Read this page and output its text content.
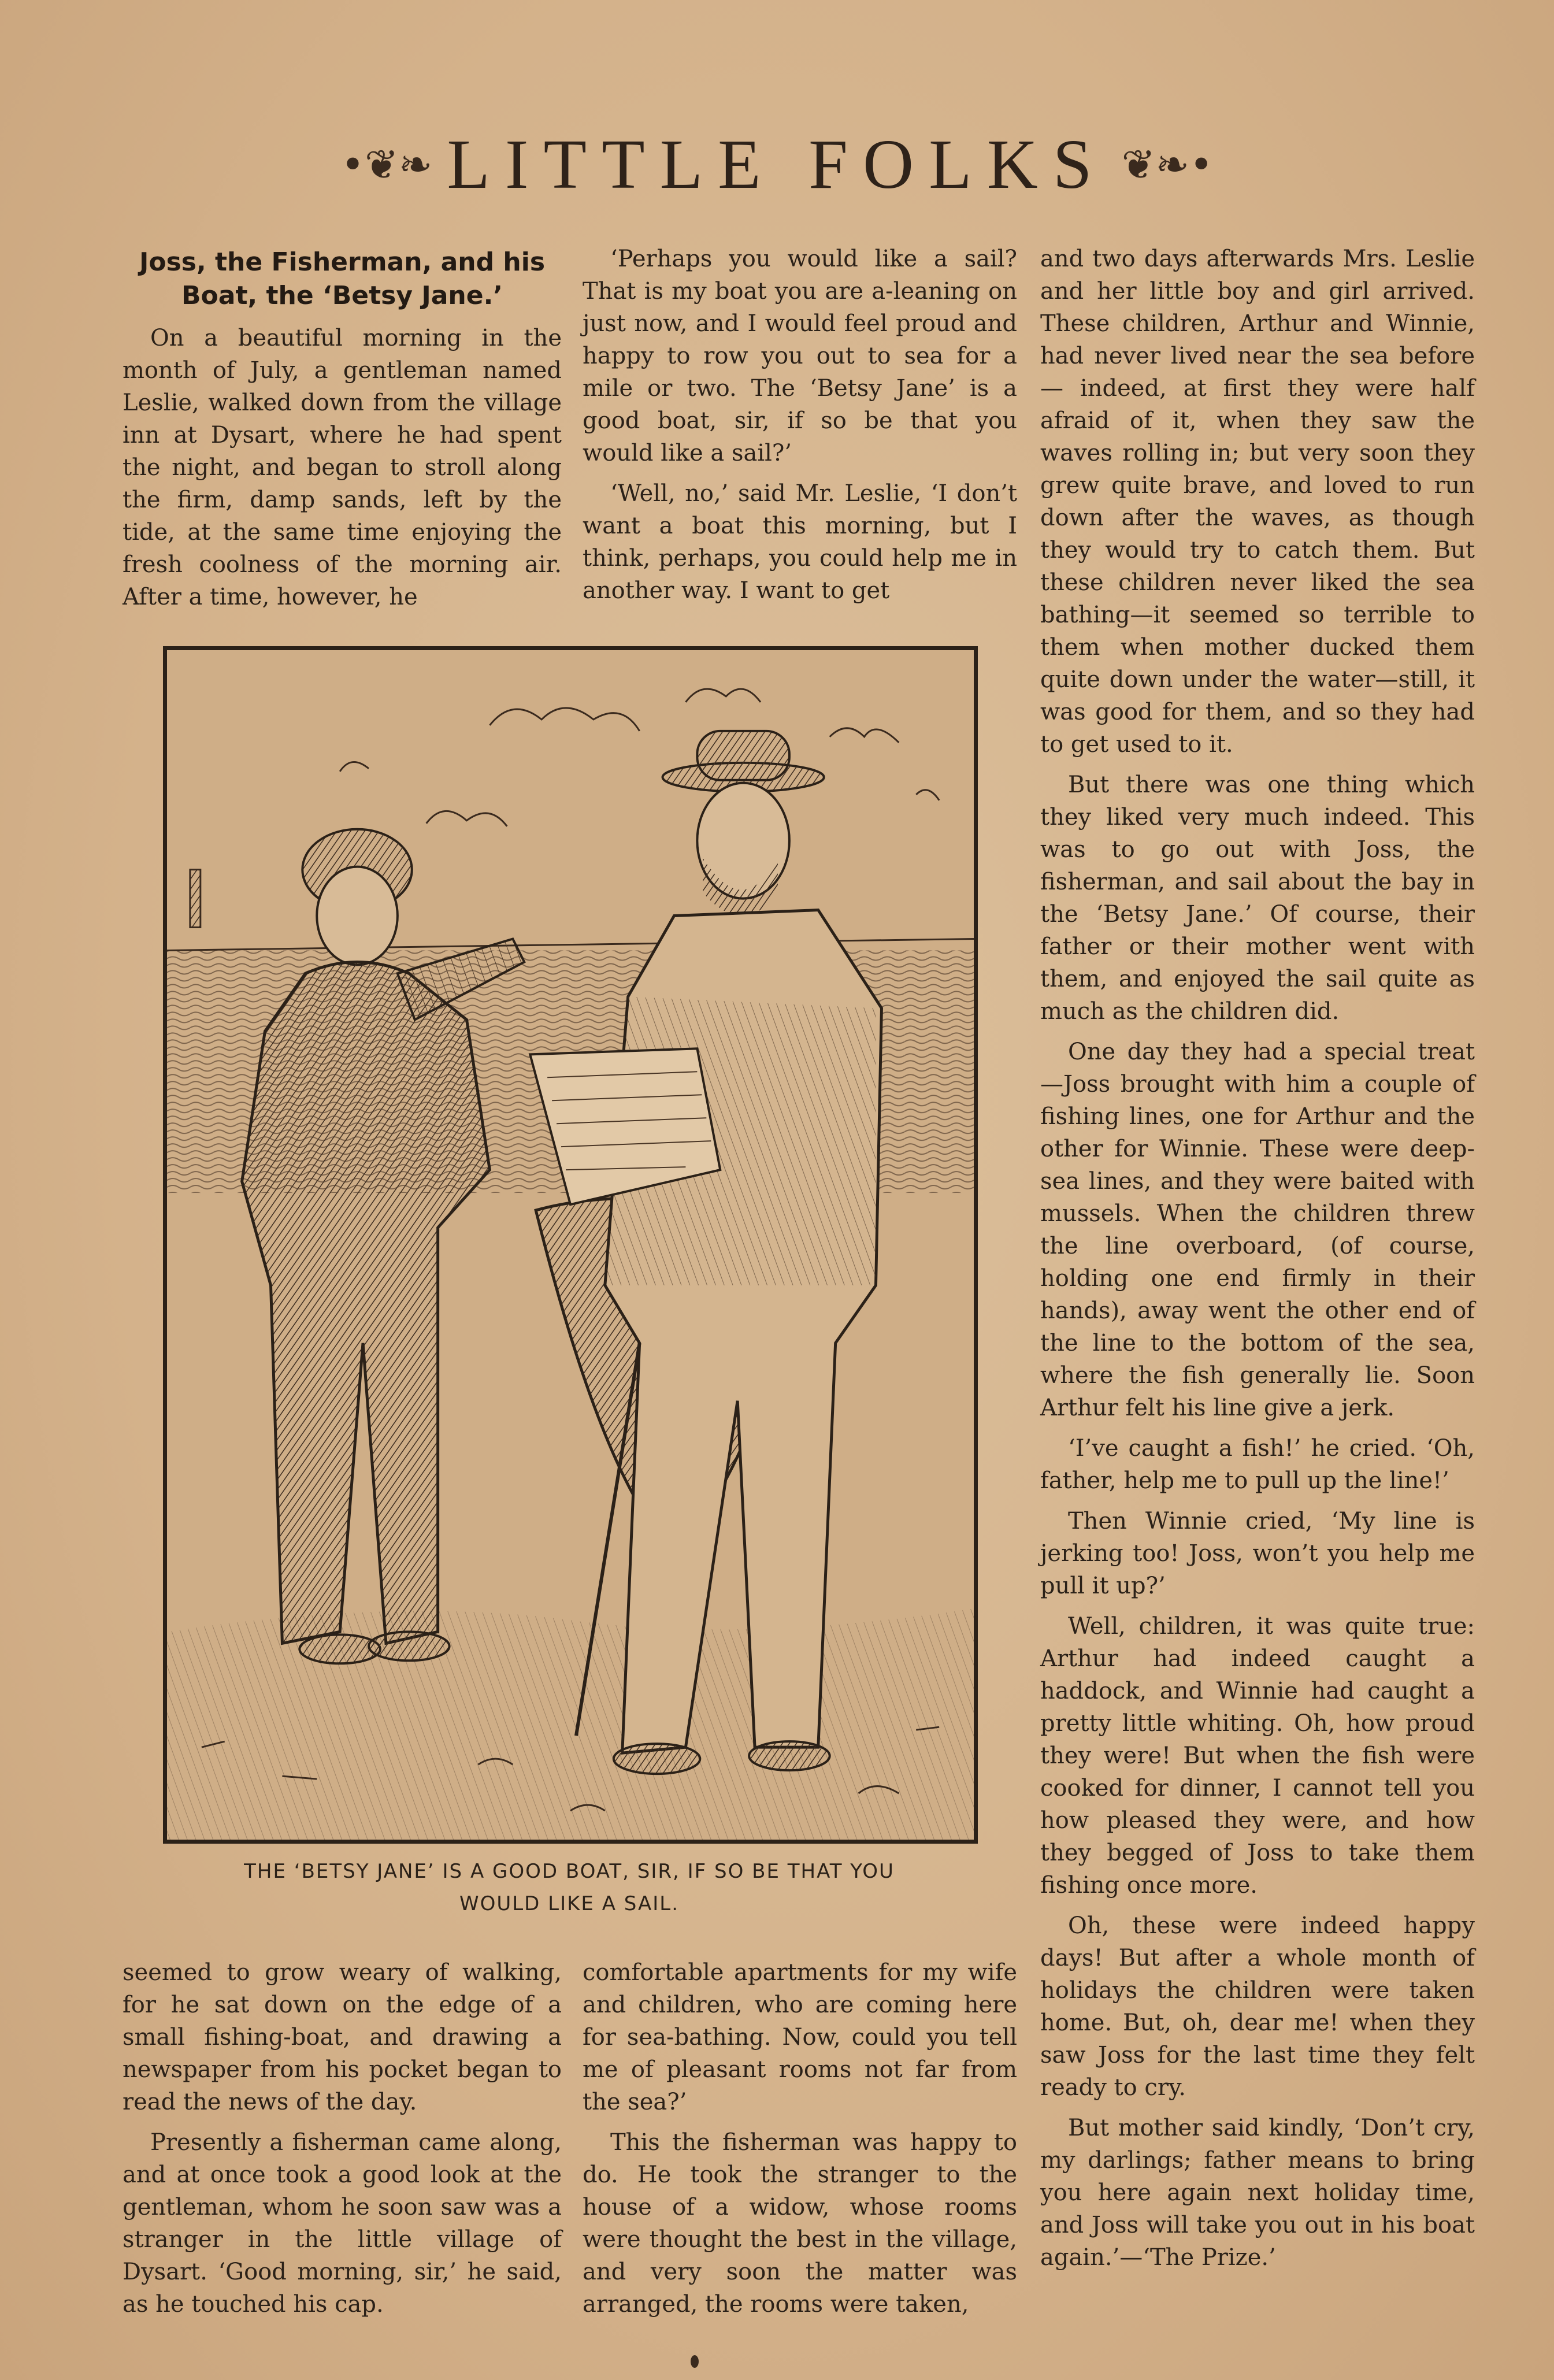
•❦❧ LITTLE FOLKS ❦❧•
Joss, the Fisherman, and his
Boat, the ‘Betsy Jane.’

On a beautiful morning in the month of July, a gentleman named Leslie, walked down from the village inn at Dysart, where he had spent the night, and began to stroll along the firm, damp sands, left by the tide, at the same time enjoying the fresh coolness of the morning air. After a time, however, he

‘Perhaps you would like a sail? That is my boat you are a-leaning on just now, and I would feel proud and happy to row you out to sea for a mile or two. The ‘Betsy Jane’ is a good boat, sir, if so be that you would like a sail?’

‘Well, no,’ said Mr. Leslie, ‘I don’t want a boat this morning, but I think, perhaps, you could help me in another way. I want to get

and two days afterwards Mrs. Leslie and her little boy and girl arrived. These children, Arthur and Winnie, had never lived near the sea before — indeed, at first they were half afraid of it, when they saw the waves rolling in; but very soon they grew quite brave, and loved to run down after the waves, as though they would try to catch them. But these children never liked the sea bathing—it seemed so terrible to them when mother ducked them quite down under the water—still, it was good for them, and so they had to get used to it.

But there was one thing which they liked very much indeed. This was to go out with Joss, the fisherman, and sail about the bay in the ‘Betsy Jane.’ Of course, their father or their mother went with them, and enjoyed the sail quite as much as the children did.

One day they had a special treat —Joss brought with him a couple of fishing lines, one for Arthur and the other for Winnie. These were deep-sea lines, and they were baited with mussels. When the children threw the line overboard, (of course, holding one end firmly in their hands), away went the other end of the line to the bottom of the sea, where the fish generally lie. Soon Arthur felt his line give a jerk.

‘I’ve caught a fish!’ he cried. ‘Oh, father, help me to pull up the line!’

Then Winnie cried, ‘My line is jerking too! Joss, won’t you help me pull it up?’

Well, children, it was quite true: Arthur had indeed caught a haddock, and Winnie had caught a pretty little whiting. Oh, how proud they were! But when the fish were cooked for dinner, I cannot tell you how pleased they were, and how they begged of Joss to take them fishing once more.

Oh, these were indeed happy days! But after a whole month of holidays the children were taken home. But, oh, dear me! when they saw Joss for the last time they felt ready to cry.

But mother said kindly, ‘Don’t cry, my darlings; father means to bring you here again next holiday time, and Joss will take you out in his boat again.’—‘The Prize.’

THE ‘BETSY JANE’ IS A GOOD BOAT, SIR, IF SO BE THAT YOU
WOULD LIKE A SAIL.

seemed to grow weary of walking, for he sat down on the edge of a small fishing-boat, and drawing a newspaper from his pocket began to read the news of the day.

Presently a fisherman came along, and at once took a good look at the gentleman, whom he soon saw was a stranger in the little village of Dysart. ‘Good morning, sir,’ he said, as he touched his cap.

comfortable apartments for my wife and children, who are coming here for sea-bathing. Now, could you tell me of pleasant rooms not far from the sea?’

This the fisherman was happy to do. He took the stranger to the house of a widow, whose rooms were thought the best in the village, and very soon the matter was arranged, the rooms were taken,
